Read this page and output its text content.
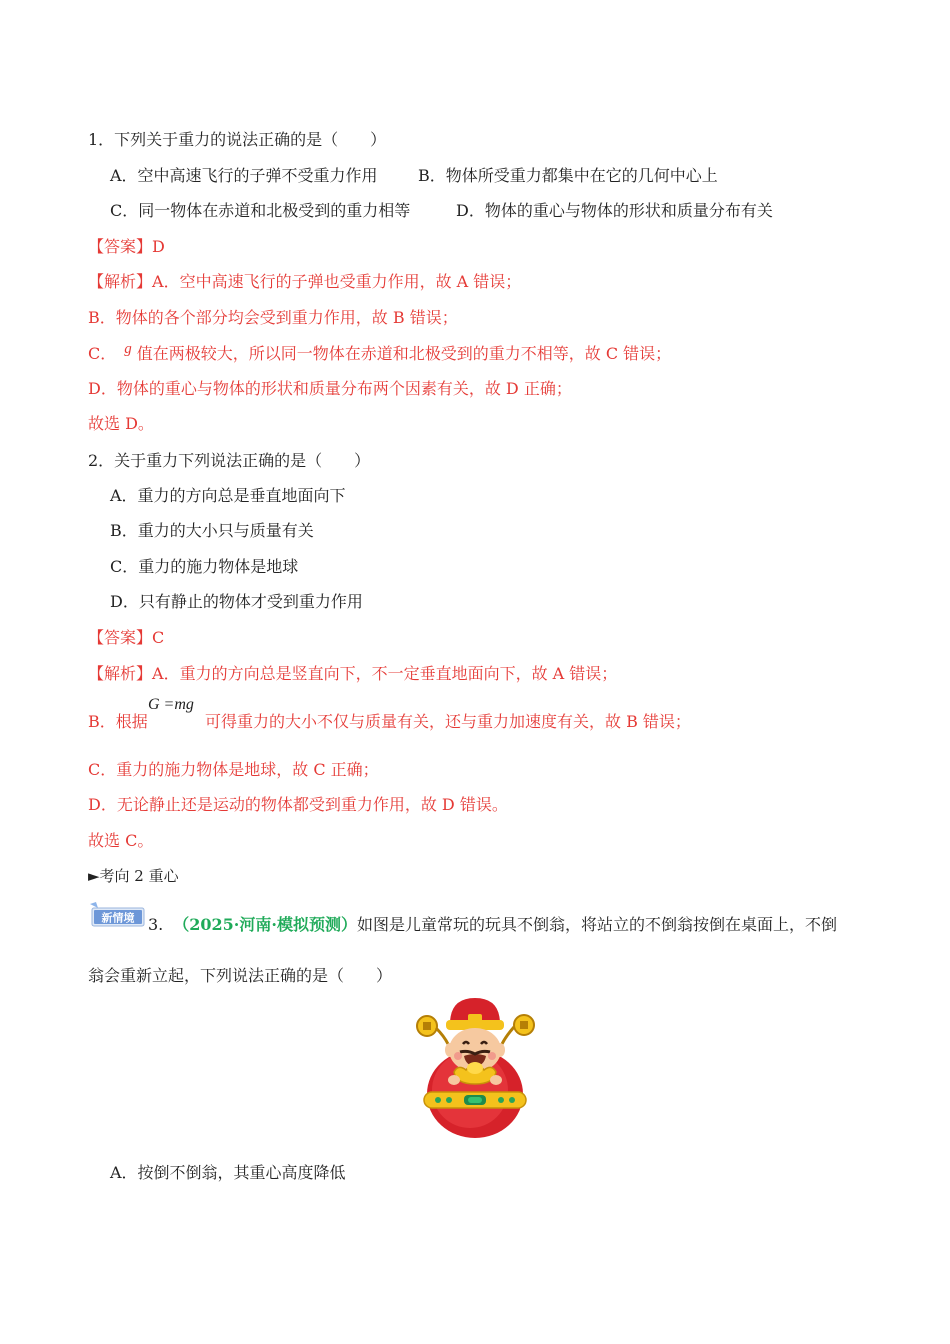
1．下列关于重力的说法正确的是（　　）
A．空中高速飞行的子弹不受重力作用	B．物体所受重力都集中在它的几何中心上
C．同一物体在赤道和北极受到的重力相等	D．物体的重心与物体的形状和质量分布有关
【答案】D
【解析】A．空中高速飞行的子弹也受重力作用，故 A 错误；
B．物体的各个部分均会受到重力作用，故 B 错误；
C． g 值在两极较大，所以同一物体在赤道和北极受到的重力不相等，故 C 错误；
D．物体的重心与物体的形状和质量分布两个因素有关，故 D 正确；
故选 D。
2．关于重力下列说法正确的是（　　）
A．重力的方向总是垂直地面向下
B．重力的大小只与质量有关
C．重力的施力物体是地球
D．只有静止的物体才受到重力作用
【答案】C
【解析】A．重力的方向总是竖直向下，不一定垂直地面向下，故 A 错误；
B．根据
G =mg
可得重力的大小不仅与质量有关，还与重力加速度有关，故 B 错误；
C．重力的施力物体是地球，故 C 正确；
D．无论静止还是运动的物体都受到重力作用，故 D 错误。
故选 C。
►考向 2 重心
新情境 3. （2025·河南·模拟预测）如图是儿童常玩的玩具不倒翁，将站立的不倒翁按倒在桌面上，不倒
翁会重新立起，下列说法正确的是（　　）
A．按倒不倒翁，其重心高度降低
